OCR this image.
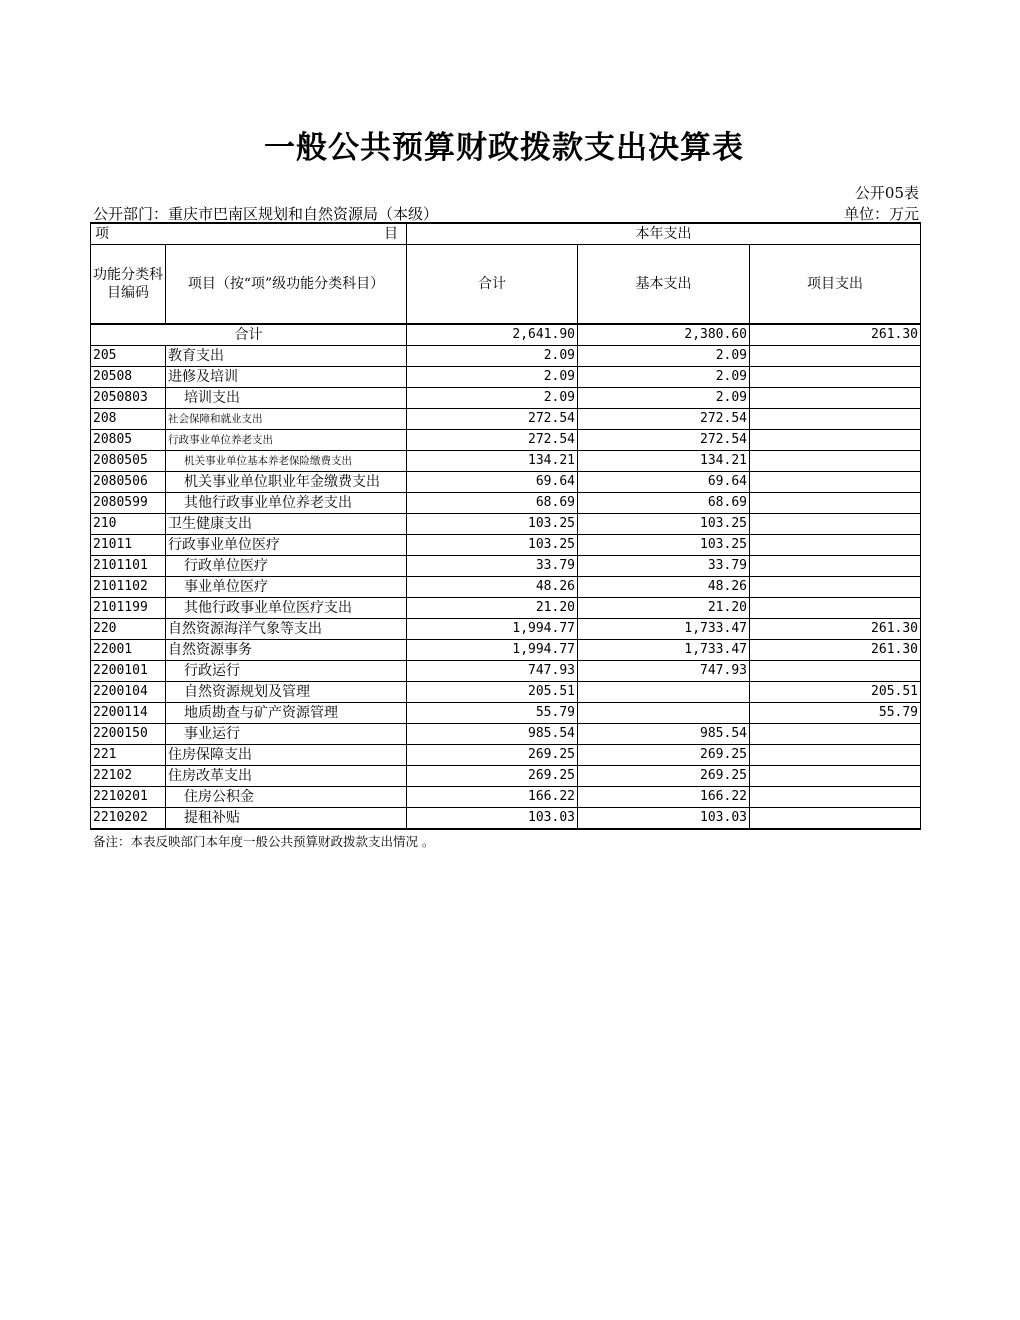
一般公共预算财政拨款支出决算表
公开05表
公开部门：重庆市巴南区规划和自然资源局（本级）	单位：万元
项 目		本年支出		
功能分类科目编码	项目（按“项”级功能分类科目）	合计	基本支出	项目支出
合计		2,641.90	2,380.60	261.30
205	教育支出	2.09	2.09	
20508	进修及培训	2.09	2.09	
2050803	培训支出	2.09	2.09	
208	社会保障和就业支出	272.54	272.54	
20805	行政事业单位养老支出	272.54	272.54	
2080505	机关事业单位基本养老保险缴费支出	134.21	134.21	
2080506	机关事业单位职业年金缴费支出	69.64	69.64	
2080599	其他行政事业单位养老支出	68.69	68.69	
210	卫生健康支出	103.25	103.25	
21011	行政事业单位医疗	103.25	103.25	
2101101	行政单位医疗	33.79	33.79	
2101102	事业单位医疗	48.26	48.26	
2101199	其他行政事业单位医疗支出	21.20	21.20	
220	自然资源海洋气象等支出	1,994.77	1,733.47	261.30
22001	自然资源事务	1,994.77	1,733.47	261.30
2200101	行政运行	747.93	747.93	
2200104	自然资源规划及管理	205.51		205.51
2200114	地质勘查与矿产资源管理	55.79		55.79
2200150	事业运行	985.54	985.54	
221	住房保障支出	269.25	269.25	
22102	住房改革支出	269.25	269.25	
2210201	住房公积金	166.22	166.22	
2210202	提租补贴	103.03	103.03	
备注：本表反映部门本年度一般公共预算财政拨款支出情况 。
